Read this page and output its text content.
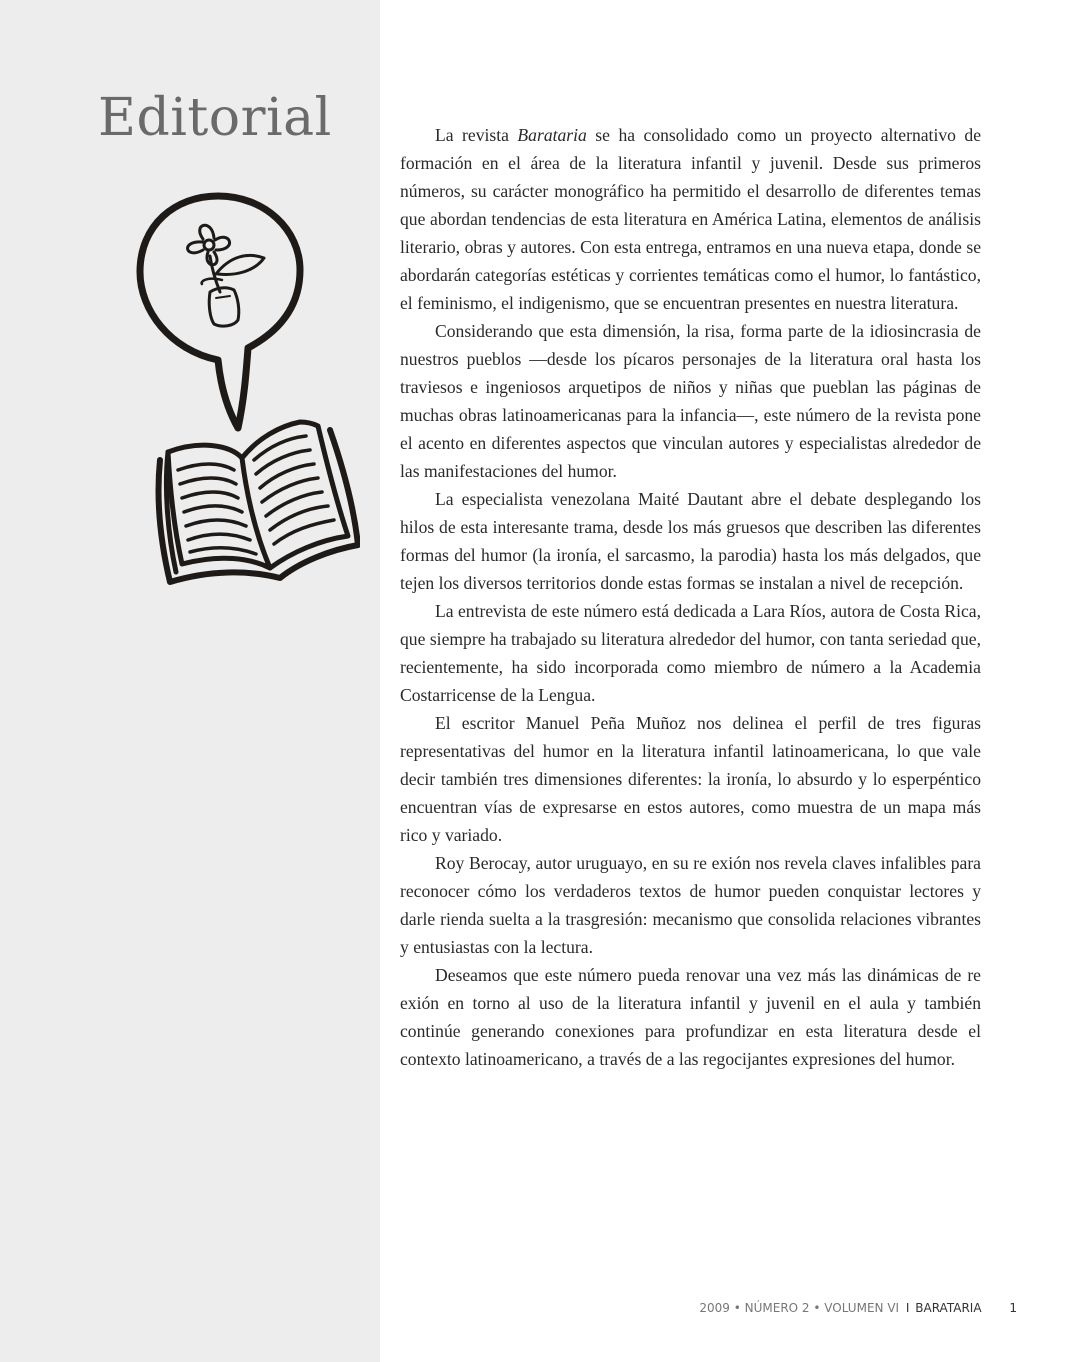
Editorial	La revista Barataria se ha consolidado como un proyecto alternativo de formación en el área de la literatura infantil y juvenil. Desde sus primeros números, su carácter monográfico ha permitido el desarrollo de diferentes temas que abordan tendencias de esta literatura en América Latina, elementos de análisis literario, obras y autores. Con esta entrega, entramos en una nueva etapa, donde se abordarán categorías estéticas y corrientes temáticas como el humor, lo fantástico, el feminismo, el indigenismo, que se encuentran presentes en nuestra literatura.

Considerando que esta dimensión, la risa, forma parte de la idiosincrasia de nuestros pueblos —desde los pícaros personajes de la literatura oral hasta los traviesos e ingeniosos arquetipos de niños y niñas que pueblan las páginas de muchas obras latinoamericanas para la infancia—, este número de la revista pone el acento en diferentes aspectos que vinculan autores y especialistas alrededor de las manifestaciones del humor.

La especialista venezolana Maité Dautant abre el debate desplegando los hilos de esta interesante trama, desde los más gruesos que describen las diferentes formas del humor (la ironía, el sarcasmo, la parodia) hasta los más delgados, que tejen los diversos territorios donde estas formas se instalan a nivel de recepción.

La entrevista de este número está dedicada a Lara Ríos, autora de Costa Rica, que siempre ha trabajado su literatura alrededor del humor, con tanta seriedad que, recientemente, ha sido incorporada como miembro de número a la Academia Costarricense de la Lengua.

El escritor Manuel Peña Muñoz nos delinea el perfil de tres figuras representativas del humor en la literatura infantil latinoamericana, lo que vale decir también tres dimensiones diferentes: la ironía, lo absurdo y lo esperpéntico encuentran vías de expresarse en estos autores, como muestra de un mapa más rico y variado.

Roy Berocay, autor uruguayo, en su re exión nos revela claves infalibles para reconocer cómo los verdaderos textos de humor pueden conquistar lectores y darle rienda suelta a la trasgresión: mecanismo que consolida relaciones vibrantes y entusiastas con la lectura.

Deseamos que este número pueda renovar una vez más las dinámicas de re exión en torno al uso de la literatura infantil y juvenil en el aula y también continúe generando conexiones para profundizar en esta literatura desde el contexto latinoamericano, a través de a las regocijantes expresiones del humor.

2009 • NÚMERO 2 • VOLUMEN VI I BARATARIA 1
